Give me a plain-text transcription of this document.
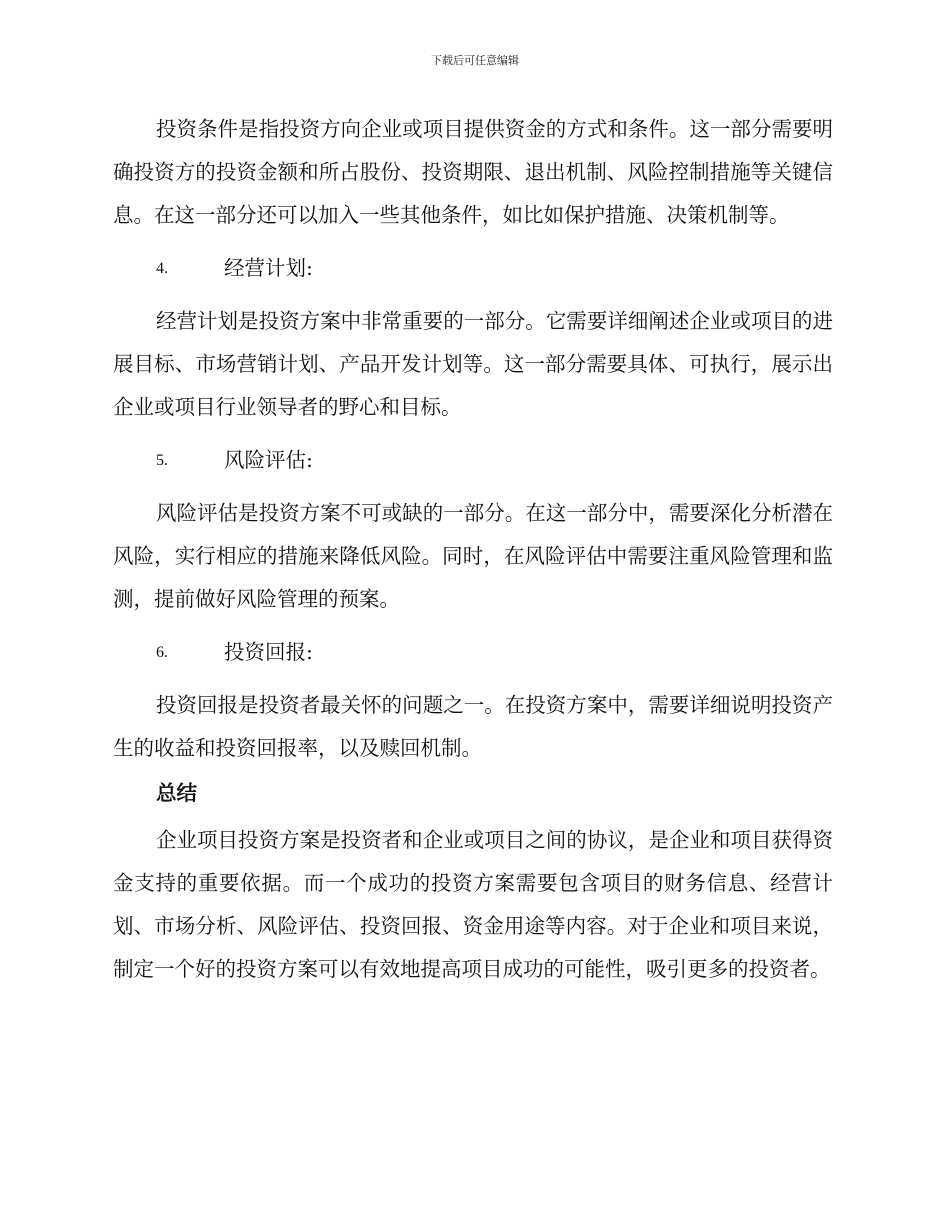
下载后可任意编辑

投资条件是指投资方向企业或项目提供资金的方式和条件。这一部分需要明确投资方的投资金额和所占股份、投资期限、退出机制、风险控制措施等关键信息。在这一部分还可以加入一些其他条件，如比如保护措施、决策机制等。

4.	经营计划:

经营计划是投资方案中非常重要的一部分。它需要详细阐述企业或项目的进展目标、市场营销计划、产品开发计划等。这一部分需要具体、可执行，展示出企业或项目行业领导者的野心和目标。

5.	风险评估:

风险评估是投资方案不可或缺的一部分。在这一部分中，需要深化分析潜在风险，实行相应的措施来降低风险。同时，在风险评估中需要注重风险管理和监测，提前做好风险管理的预案。

6.	投资回报:

投资回报是投资者最关怀的问题之一。在投资方案中，需要详细说明投资产生的收益和投资回报率，以及赎回机制。

总结

企业项目投资方案是投资者和企业或项目之间的协议，是企业和项目获得资金支持的重要依据。而一个成功的投资方案需要包含项目的财务信息、经营计划、市场分析、风险评估、投资回报、资金用途等内容。对于企业和项目来说，制定一个好的投资方案可以有效地提高项目成功的可能性，吸引更多的投资者。
